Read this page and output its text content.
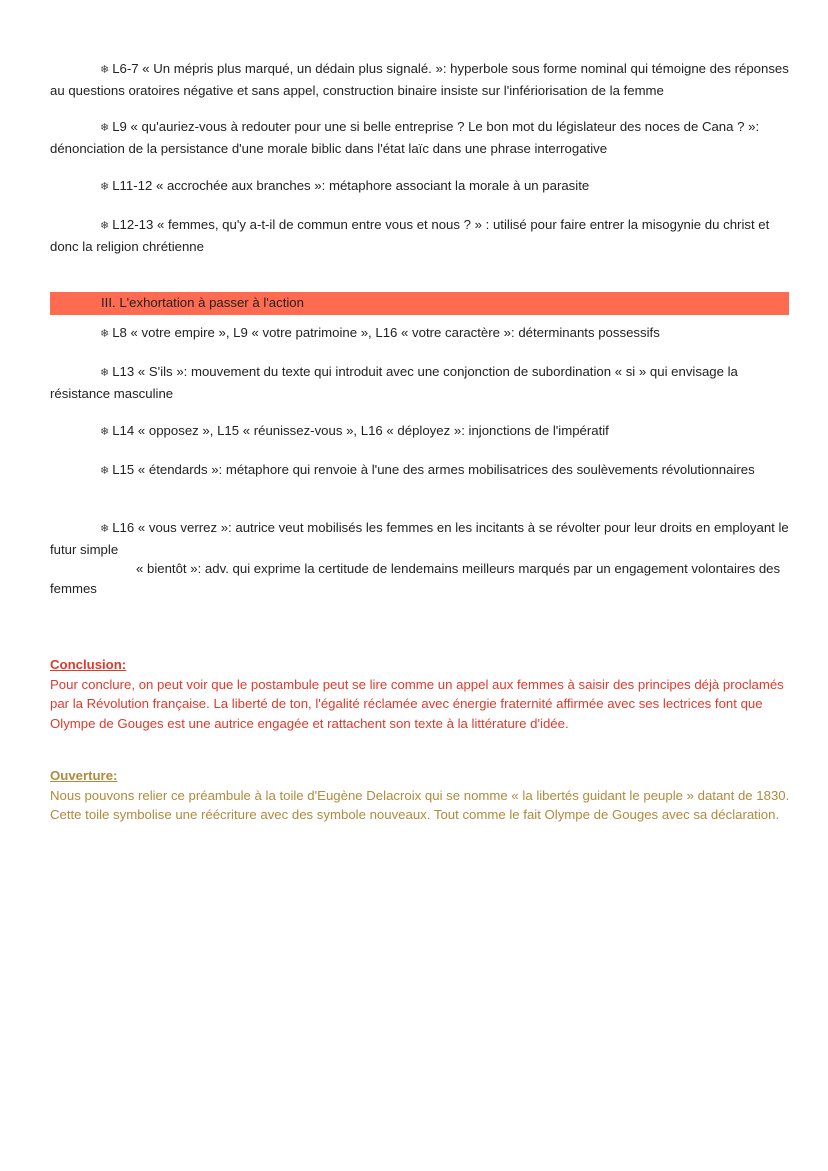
❄ L6-7 « Un mépris plus marqué, un dédain plus signalé. »: hyperbole sous forme nominal qui témoigne des réponses au questions oratoires négative et sans appel, construction binaire insiste sur l'infériorisation de la femme

❄ L9 « qu'auriez-vous à redouter pour une si belle entreprise ? Le bon mot du législateur des noces de Cana ? »: dénonciation de la persistance d'une morale biblic dans l'état laïc dans une phrase interrogative

❄ L11-12 « accrochée aux branches »: métaphore associant la morale à un parasite

❄ L12-13 « femmes, qu'y a-t-il de commun entre vous et nous ? » : utilisé pour faire entrer la misogynie du christ et donc la religion chrétienne

III. L'exhortation à passer à l'action

❄ L8 « votre empire », L9 « votre patrimoine », L16 « votre caractère »: déterminants possessifs

❄ L13 « S'ils »: mouvement du texte qui introduit avec une conjonction de subordination « si » qui envisage la résistance masculine

❄ L14 « opposez », L15 « réunissez-vous », L16 « déployez »: injonctions de l'impératif

❄ L15 « étendards »: métaphore qui renvoie à l'une des armes mobilisatrices des soulèvements révolutionnaires

❄ L16 « vous verrez »: autrice veut mobilisés les femmes en les incitants à se révolter pour leur droits en employant le futur simple

« bientôt »: adv. qui exprime la certitude de lendemains meilleurs marqués par un engagement volontaires des femmes

Conclusion:

Pour conclure, on peut voir que le postambule peut se lire comme un appel aux femmes à saisir des principes déjà proclamés par la Révolution française. La liberté de ton, l'égalité réclamée avec énergie fraternité affirmée avec ses lectrices font que Olympe de Gouges est une autrice engagée et rattachent son texte à la littérature d'idée.

Ouverture:

Nous pouvons relier ce préambule à la toile d'Eugène Delacroix qui se nomme « la libertés guidant le peuple » datant de 1830. Cette toile symbolise une réécriture avec des symbole nouveaux. Tout comme le fait Olympe de Gouges avec sa déclaration.
